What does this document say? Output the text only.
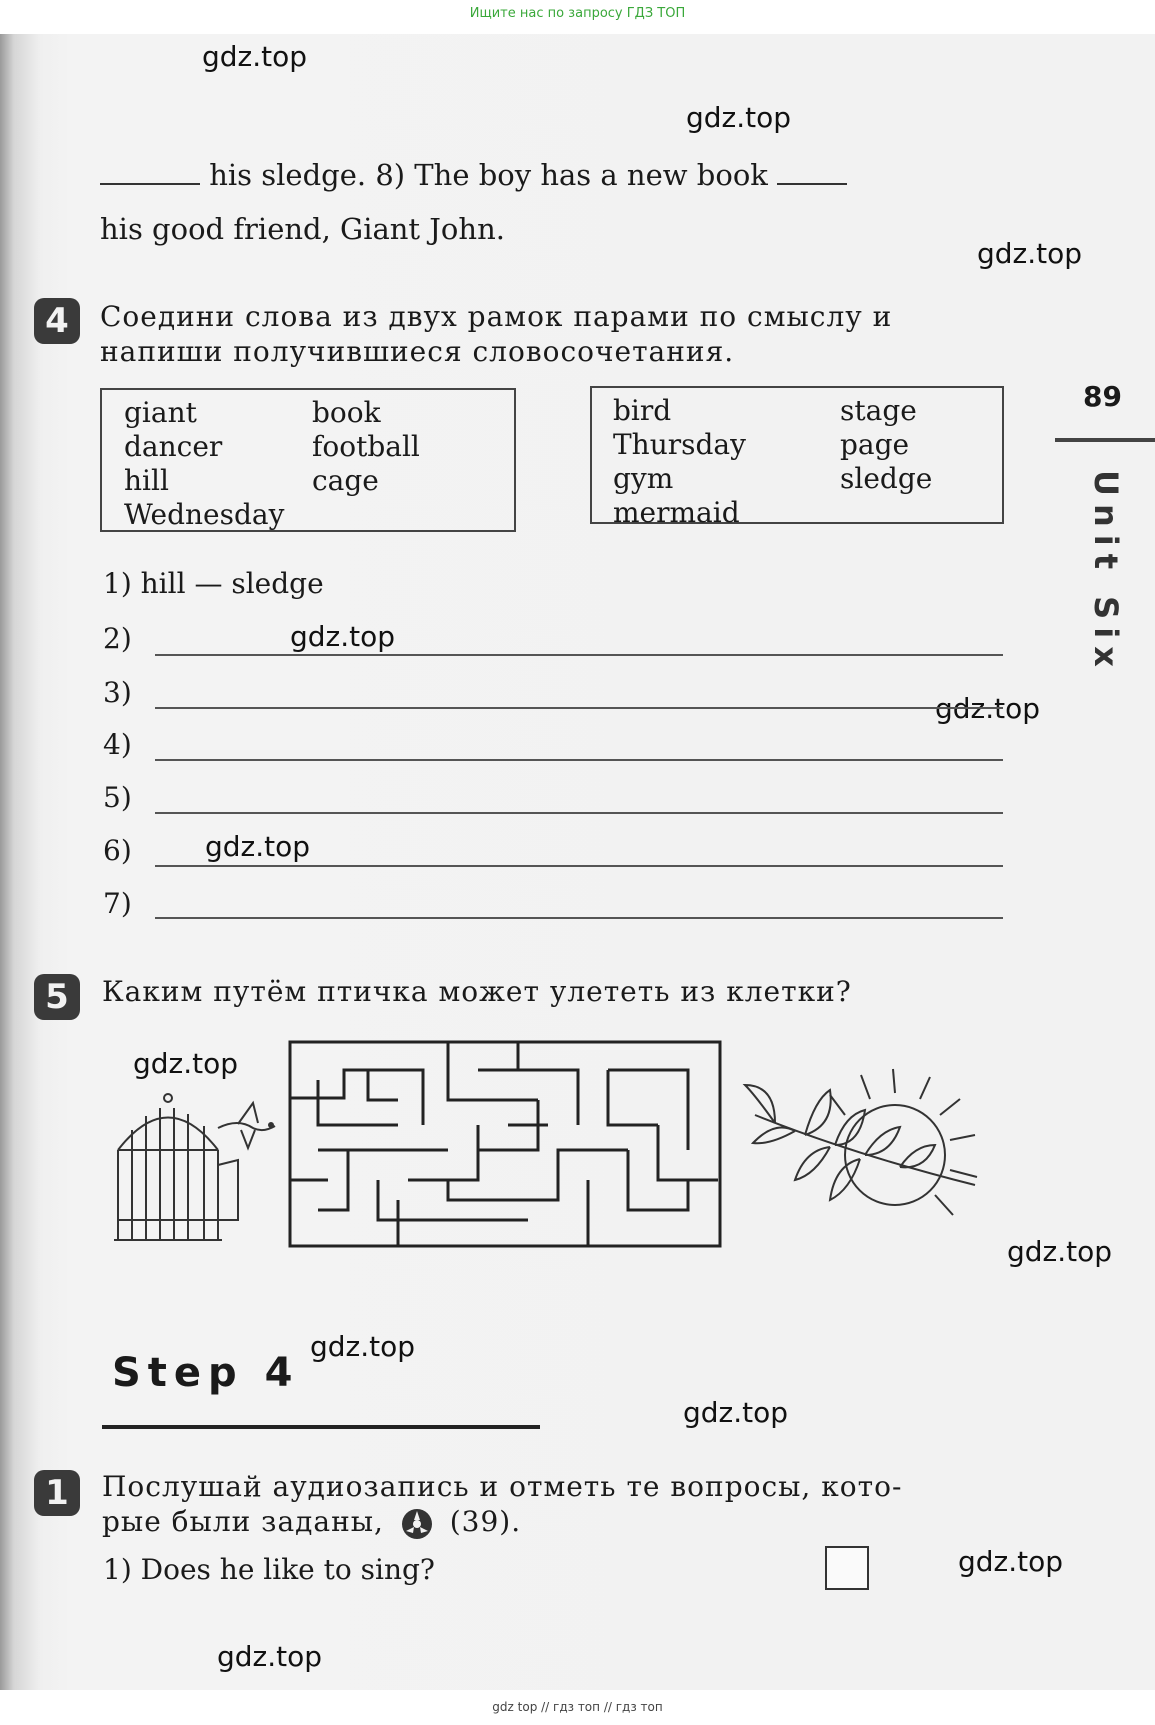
Ищите нас по запросу ГДЗ ТОП
gdz.top
gdz.top
gdz.top
gdz.top
gdz.top
gdz.top
gdz.top
gdz.top
gdz.top
gdz.top
gdz.top
gdz.top
89
Unit Six
his sledge. 8) The boy has a new book
his good friend, Giant John.
4	Соедини слова из двух рамок парами по смыслу и
напиши получившиеся словосочетания.
giant
dancer
hill
Wednesday
book
football
cage
bird
Thursday
gym
mermaid
stage
page
sledge
1) hill — sledge
2)
3)
4)
5)
6)
7)
5	Каким путём птичка может улететь из клетки?
Step 4
1	Послушай аудиозапись и отметь те вопросы, кото-
рые были заданы, (39).
1) Does he like to sing?
gdz top // гдз топ // гдз топ
